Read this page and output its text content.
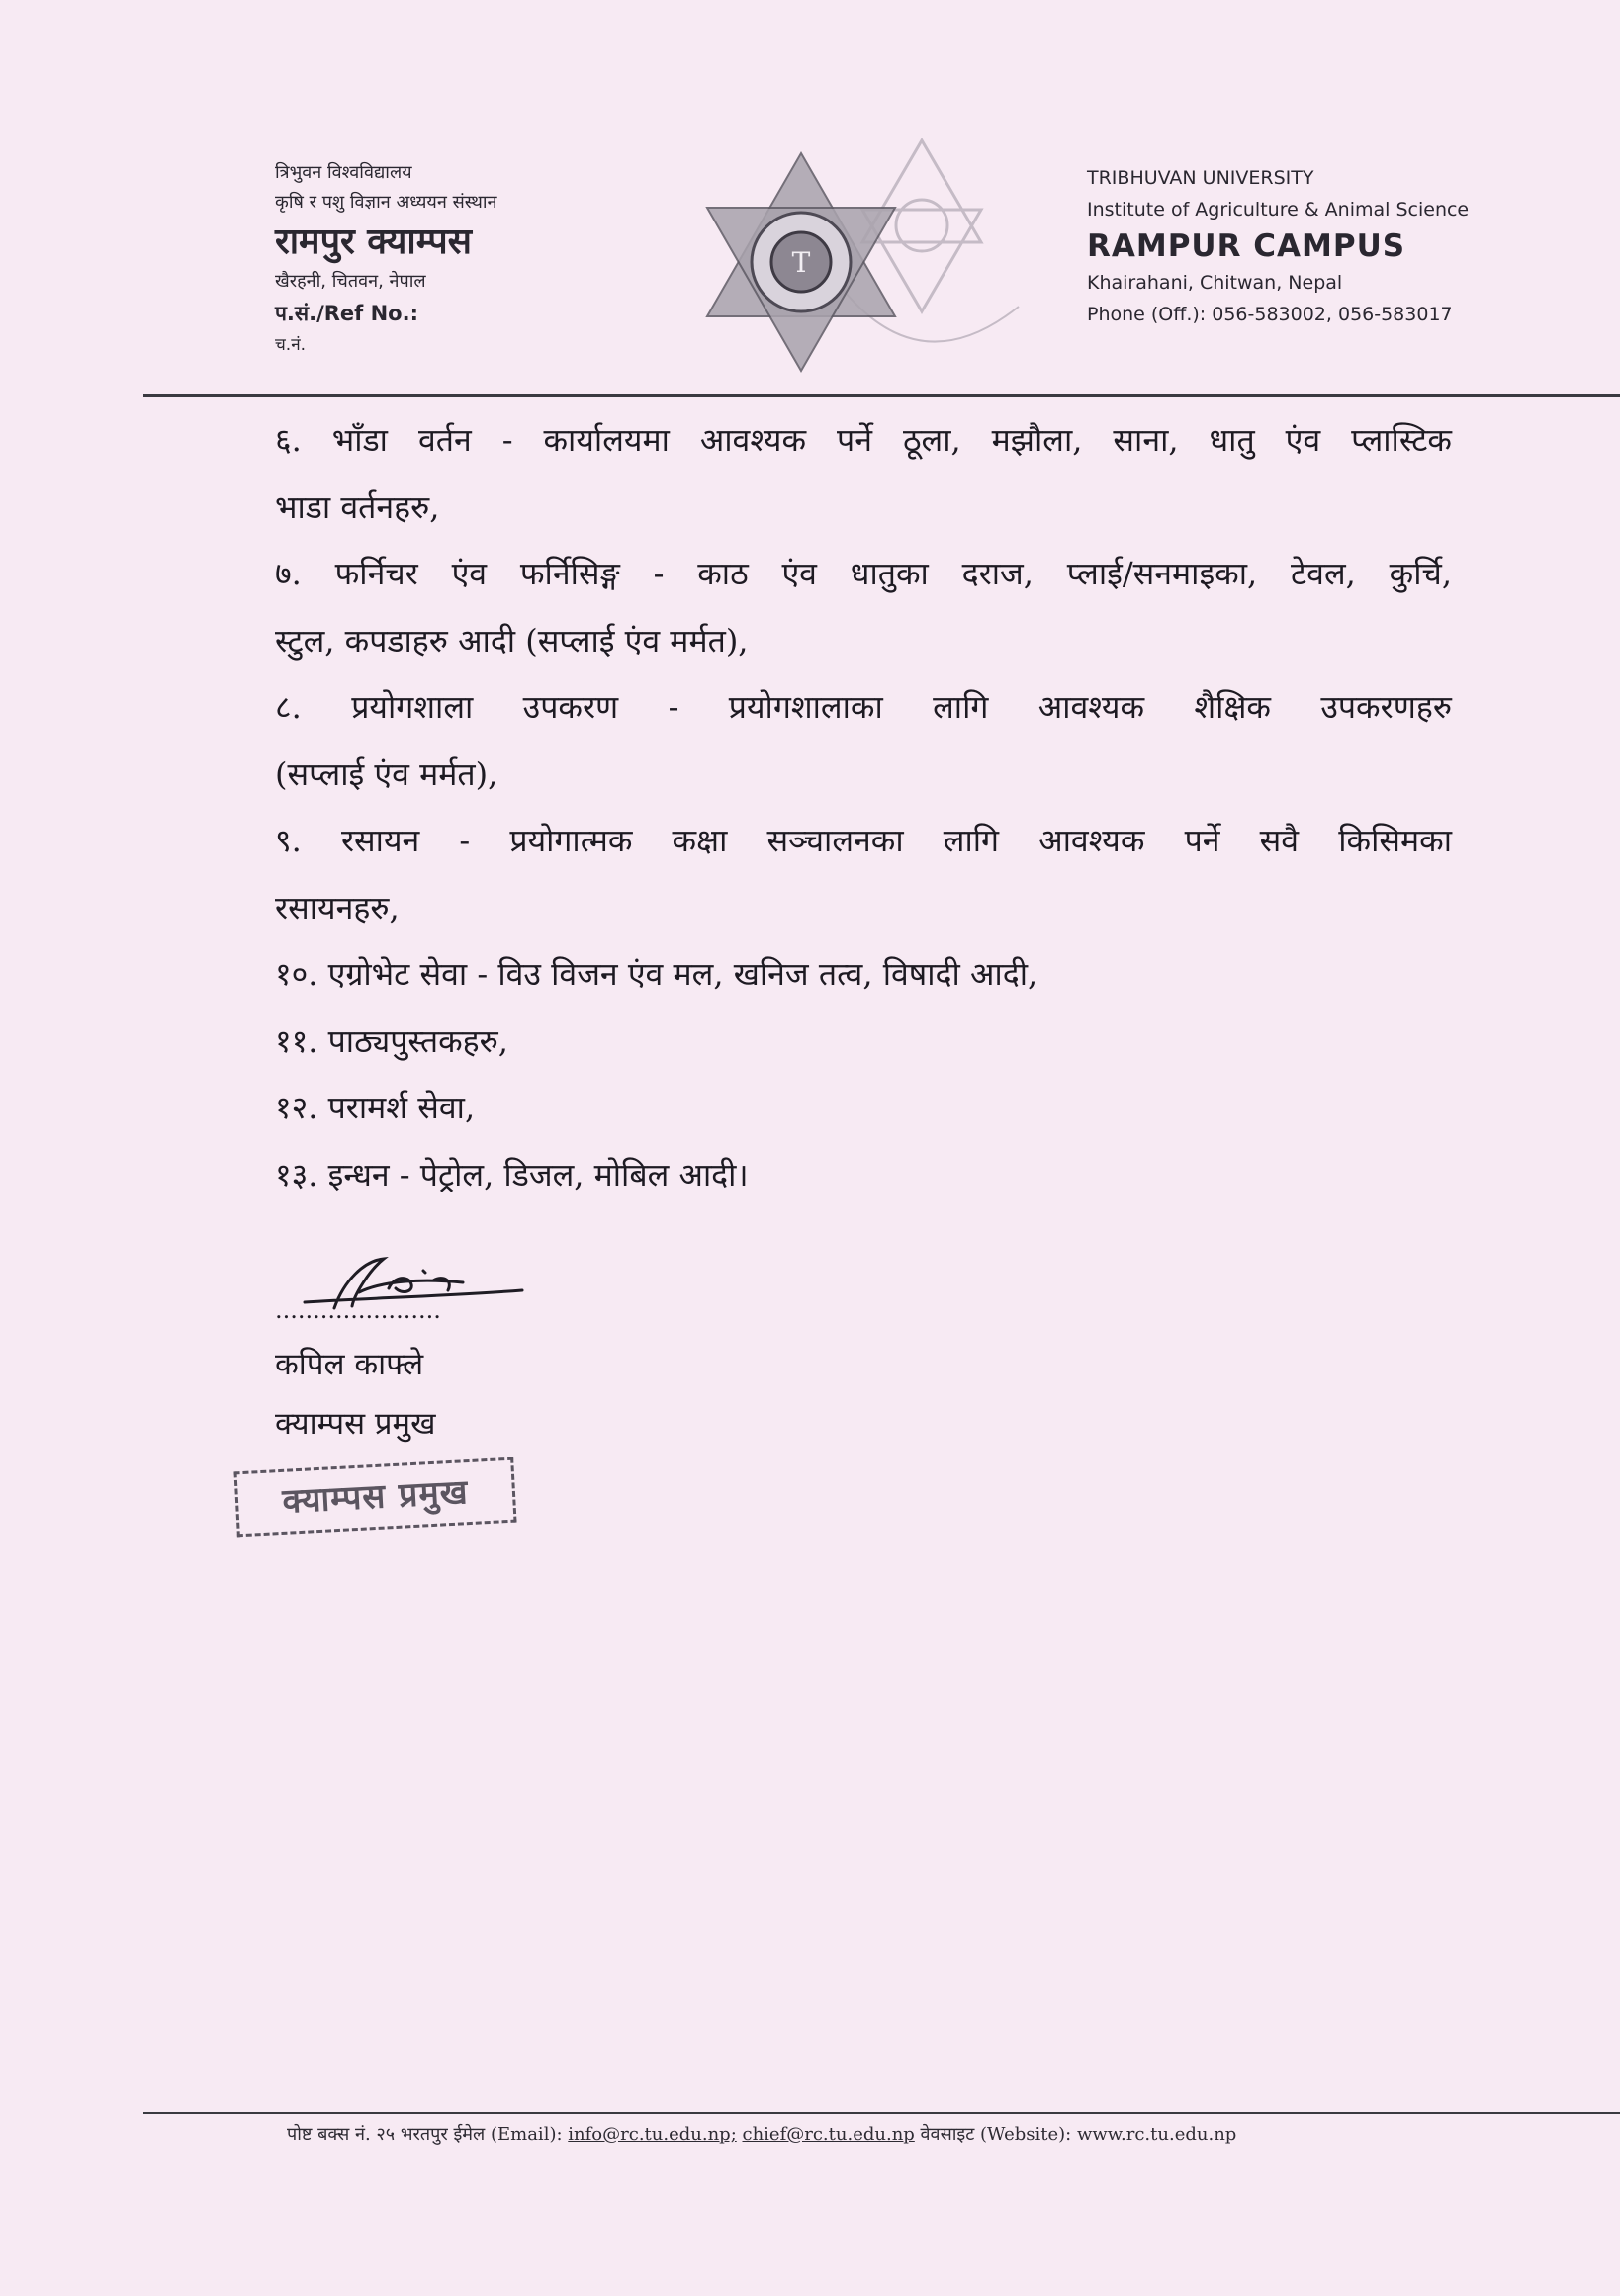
त्रिभुवन विश्वविद्यालय
कृषि र पशु विज्ञान अध्ययन संस्थान
रामपुर क्याम्पस
खैरहनी, चितवन, नेपाल
प.सं./Ref No.:
च.नं.
T
TRIBHUVAN UNIVERSITY
Institute of Agriculture & Animal Science
RAMPUR CAMPUS
Khairahani, Chitwan, Nepal
Phone (Off.): 056-583002, 056-583017

६. भाँडा वर्तन - कार्यालयमा आवश्यक पर्ने ठूला, मझौला, साना, धातु एंव प्लास्टिक

भाडा वर्तनहरु,

७. फर्निचर एंव फर्निसिङ्ग - काठ एंव धातुका दराज, प्लाई/सनमाइका, टेवल, कुर्चि,

स्टुल, कपडाहरु आदी (सप्लाई एंव मर्मत),

८. प्रयोगशाला उपकरण - प्रयोगशालाका लागि आवश्यक शैक्षिक उपकरणहरु

(सप्लाई एंव मर्मत),

९. रसायन - प्रयोगात्मक कक्षा सञ्चालनका लागि आवश्यक पर्ने सवै किसिमका

रसायनहरु,

१०. एग्रोभेट सेवा - विउ विजन एंव मल, खनिज तत्व, विषादी आदी,

११. पाठ्यपुस्तकहरु,

१२. परामर्श सेवा,

१३. इन्धन - पेट्रोल, डिजल, मोबिल आदी।

......................
कपिल काफ्ले
क्याम्पस प्रमुख
क्याम्पस प्रमुख
पोष्ट बक्स नं. २५ भरतपुर ईमेल (Email): info@rc.tu.edu.np; chief@rc.tu.edu.np वेवसाइट (Website): www.rc.tu.edu.np
